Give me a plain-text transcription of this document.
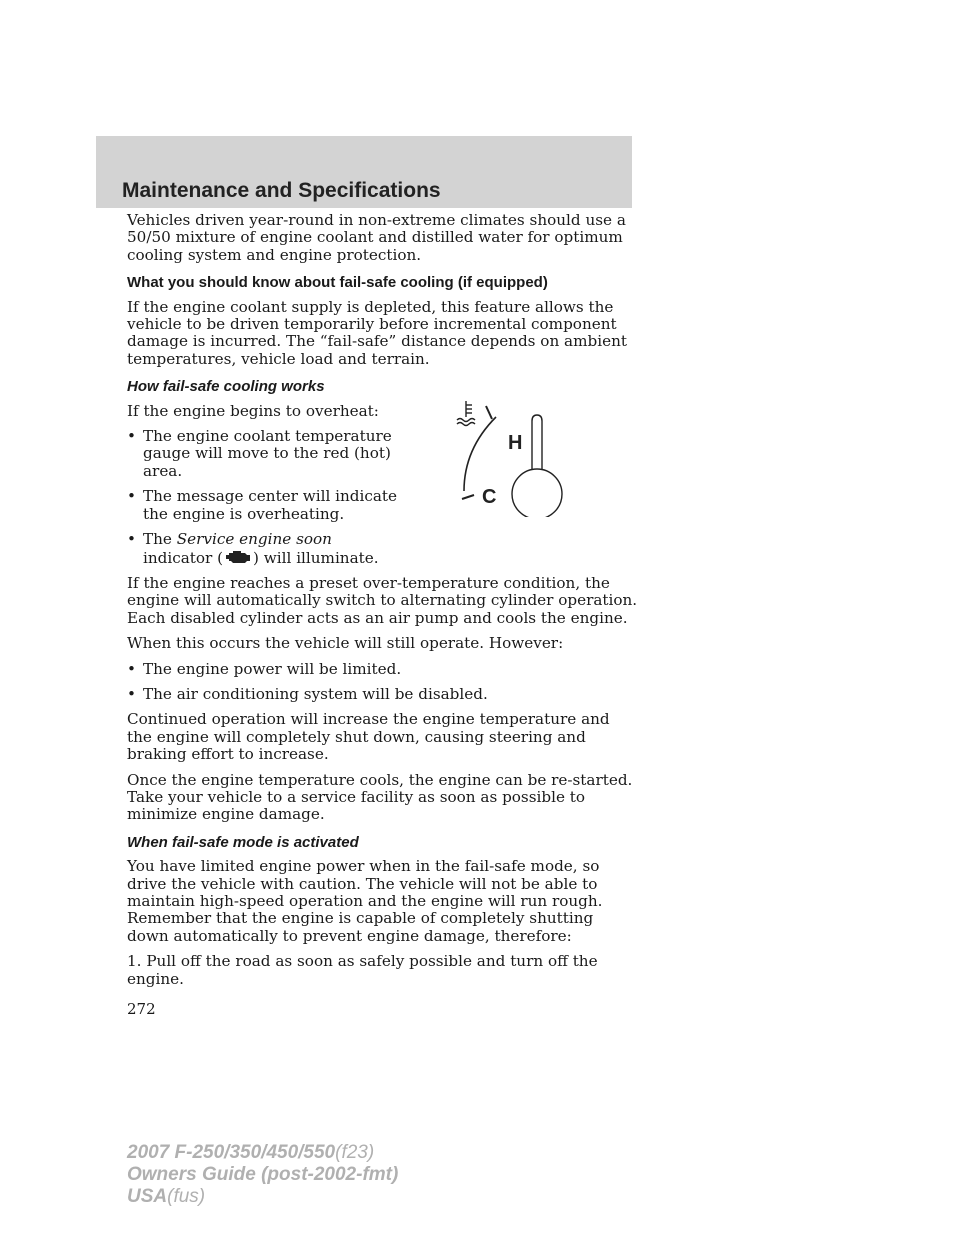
Maintenance and Specifications

Vehicles driven year-round in non-extreme climates should use a 50/50 mixture of engine coolant and distilled water for optimum cooling system and engine protection.

What you should know about fail-safe cooling (if equipped)

If the engine coolant supply is depleted, this feature allows the vehicle to be driven temporarily before incremental component damage is incurred. The “fail-safe” distance depends on ambient temperatures, vehicle load and terrain.

How fail-safe cooling works
H
C

If the engine begins to overheat:

• The engine coolant temperature gauge will move to the red (hot) area.
• The message center will indicate the engine is overheating.
• The Service engine soon
indicator ( ) will illuminate.

If the engine reaches a preset over-temperature condition, the engine will automatically switch to alternating cylinder operation. Each disabled cylinder acts as an air pump and cools the engine.

When this occurs the vehicle will still operate. However:

• The engine power will be limited.
• The air conditioning system will be disabled.

Continued operation will increase the engine temperature and the engine will completely shut down, causing steering and braking effort to increase.

Once the engine temperature cools, the engine can be re-started. Take your vehicle to a service facility as soon as possible to minimize engine damage.

When fail-safe mode is activated

You have limited engine power when in the fail-safe mode, so drive the vehicle with caution. The vehicle will not be able to maintain high-speed operation and the engine will run rough. Remember that the engine is capable of completely shutting down automatically to prevent engine damage, therefore:

1. Pull off the road as soon as safely possible and turn off the engine.

272
2007 F-250/350/450/550(f23)
Owners Guide (post-2002-fmt)
USA(fus)
